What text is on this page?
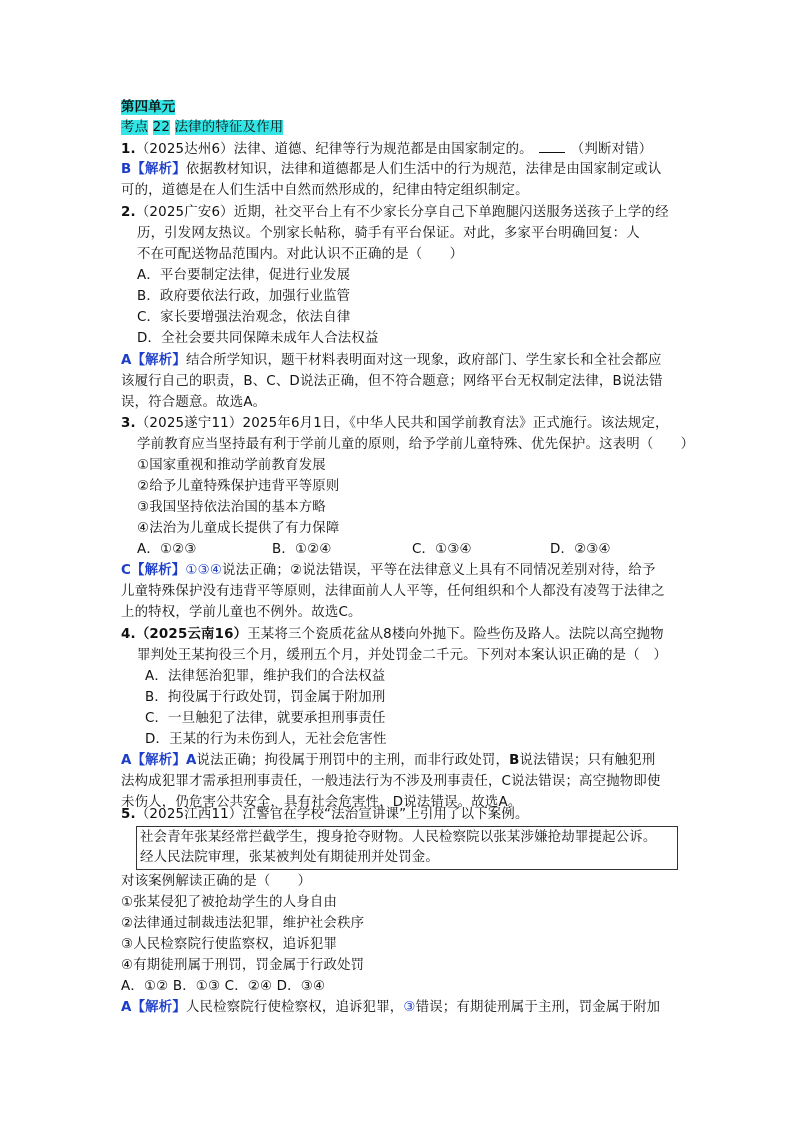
第四单元
考点 22 法律的特征及作用
1.（2025达州6）法律、道德、纪律等行为规范都是由国家制定的。	（判断对错）
B【解析】依据教材知识，法律和道德都是人们生活中的行为规范，法律是由国家制定或认
可的，道德是在人们生活中自然而然形成的，纪律由特定组织制定。
2.（2025广安6）近期，社交平台上有不少家长分享自己下单跑腿闪送服务送孩子上学的经
历，引发网友热议。个别家长帖称，骑手有平台保证。对此，多家平台明确回复：人
不在可配送物品范围内。对此认识不正确的是（　　）
A．平台要制定法律，促进行业发展
B．政府要依法行政，加强行业监管
C．家长要增强法治观念，依法自律
D．全社会要共同保障未成年人合法权益
A【解析】结合所学知识，题干材料表明面对这一现象，政府部门、学生家长和全社会都应
该履行自己的职责，B、C、D说法正确，但不符合题意；网络平台无权制定法律，B说法错
误，符合题意。故选A。
3.（2025遂宁11）2025年6月1日，《中华人民共和国学前教育法》正式施行。该法规定，
学前教育应当坚持最有利于学前儿童的原则，给予学前儿童特殊、优先保护。这表明（　　）
①国家重视和推动学前教育发展
②给予儿童特殊保护违背平等原则
③我国坚持依法治国的基本方略
④法治为儿童成长提供了有力保障
A．①②③	B．①②④	C．①③④	D．②③④
C【解析】①③④说法正确；②说法错误，平等在法律意义上具有不同情况差别对待，给予
儿童特殊保护没有违背平等原则，法律面前人人平等，任何组织和个人都没有凌驾于法律之
上的特权，学前儿童也不例外。故选C。
4.（2025云南16）王某将三个瓷质花盆从8楼向外抛下。险些伤及路人。法院以高空抛物
罪判处王某拘役三个月，缓刑五个月，并处罚金二千元。下列对本案认识正确的是（　）
A．法律惩治犯罪，维护我们的合法权益
B．拘役属于行政处罚，罚金属于附加刑
C．一旦触犯了法律，就要承担刑事责任
D．王某的行为未伤到人，无社会危害性
A【解析】A说法正确；拘役属于刑罚中的主刑，而非行政处罚，B说法错误；只有触犯刑
法构成犯罪才需承担刑事责任，一般违法行为不涉及刑事责任，C说法错误；高空抛物即使
未伤人，仍危害公共安全，具有社会危害性，D说法错误。故选A。
5.（2025江西11）江警官在学校“法治宣讲课”上引用了以下案例。
社会青年张某经常拦截学生，搜身抢夺财物。人民检察院以张某涉嫌抢劫罪提起公诉。
经人民法院审理，张某被判处有期徒刑并处罚金。
对该案例解读正确的是（　　）
①张某侵犯了被抢劫学生的人身自由
②法律通过制裁违法犯罪，维护社会秩序
③人民检察院行使监察权，追诉犯罪
④有期徒刑属于刑罚，罚金属于行政处罚
A．①② B．①③ C．②④ D．③④
A【解析】人民检察院行使检察权，追诉犯罪，③错误；有期徒刑属于主刑，罚金属于附加
